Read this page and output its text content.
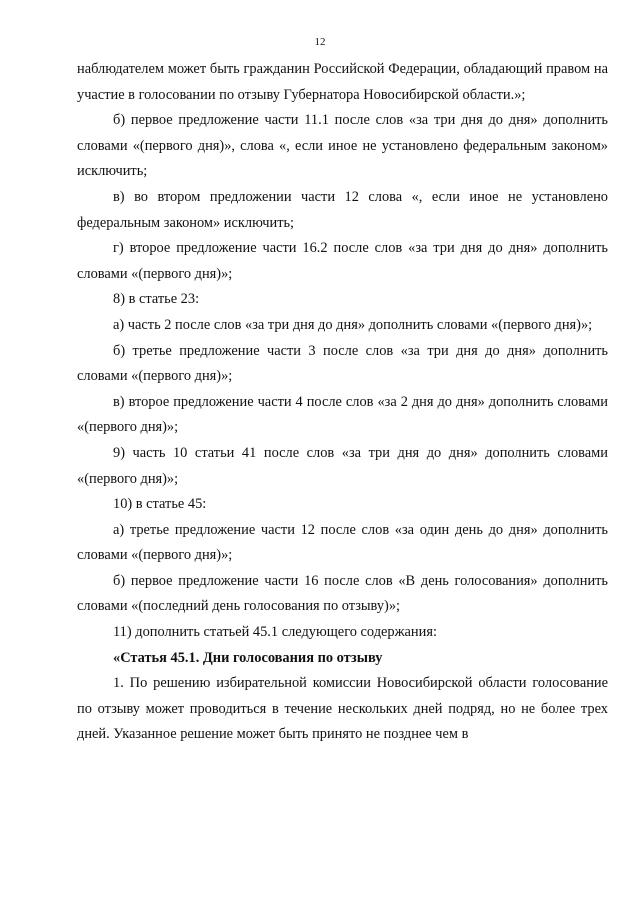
12

наблюдателем может быть гражданин Российской Федерации, обладающий правом на участие в голосовании по отзыву Губернатора Новосибирской области.»;

б) первое предложение части 11.1 после слов «за три дня до дня» дополнить словами «(первого дня)», слова «, если иное не установлено федеральным законом» исключить;

в) во втором предложении части 12 слова «, если иное не установлено федеральным законом» исключить;

г) второе предложение части 16.2 после слов «за три дня до дня» дополнить словами «(первого дня)»;

8) в статье 23:

а) часть 2 после слов «за три дня до дня» дополнить словами «(первого дня)»;

б) третье предложение части 3 после слов «за три дня до дня» дополнить словами «(первого дня)»;

в) второе предложение части 4 после слов «за 2 дня до дня» дополнить словами «(первого дня)»;

9) часть 10 статьи 41 после слов «за три дня до дня» дополнить словами «(первого дня)»;

10) в статье 45:

а) третье предложение части 12 после слов «за один день до дня» дополнить словами «(первого дня)»;

б) первое предложение части 16 после слов «В день голосования» дополнить словами «(последний день голосования по отзыву)»;

11) дополнить статьей 45.1 следующего содержания:

«Статья 45.1. Дни голосования по отзыву

1. По решению избирательной комиссии Новосибирской области голосование по отзыву может проводиться в течение нескольких дней подряд, но не более трех дней. Указанное решение может быть принято не позднее чем в
